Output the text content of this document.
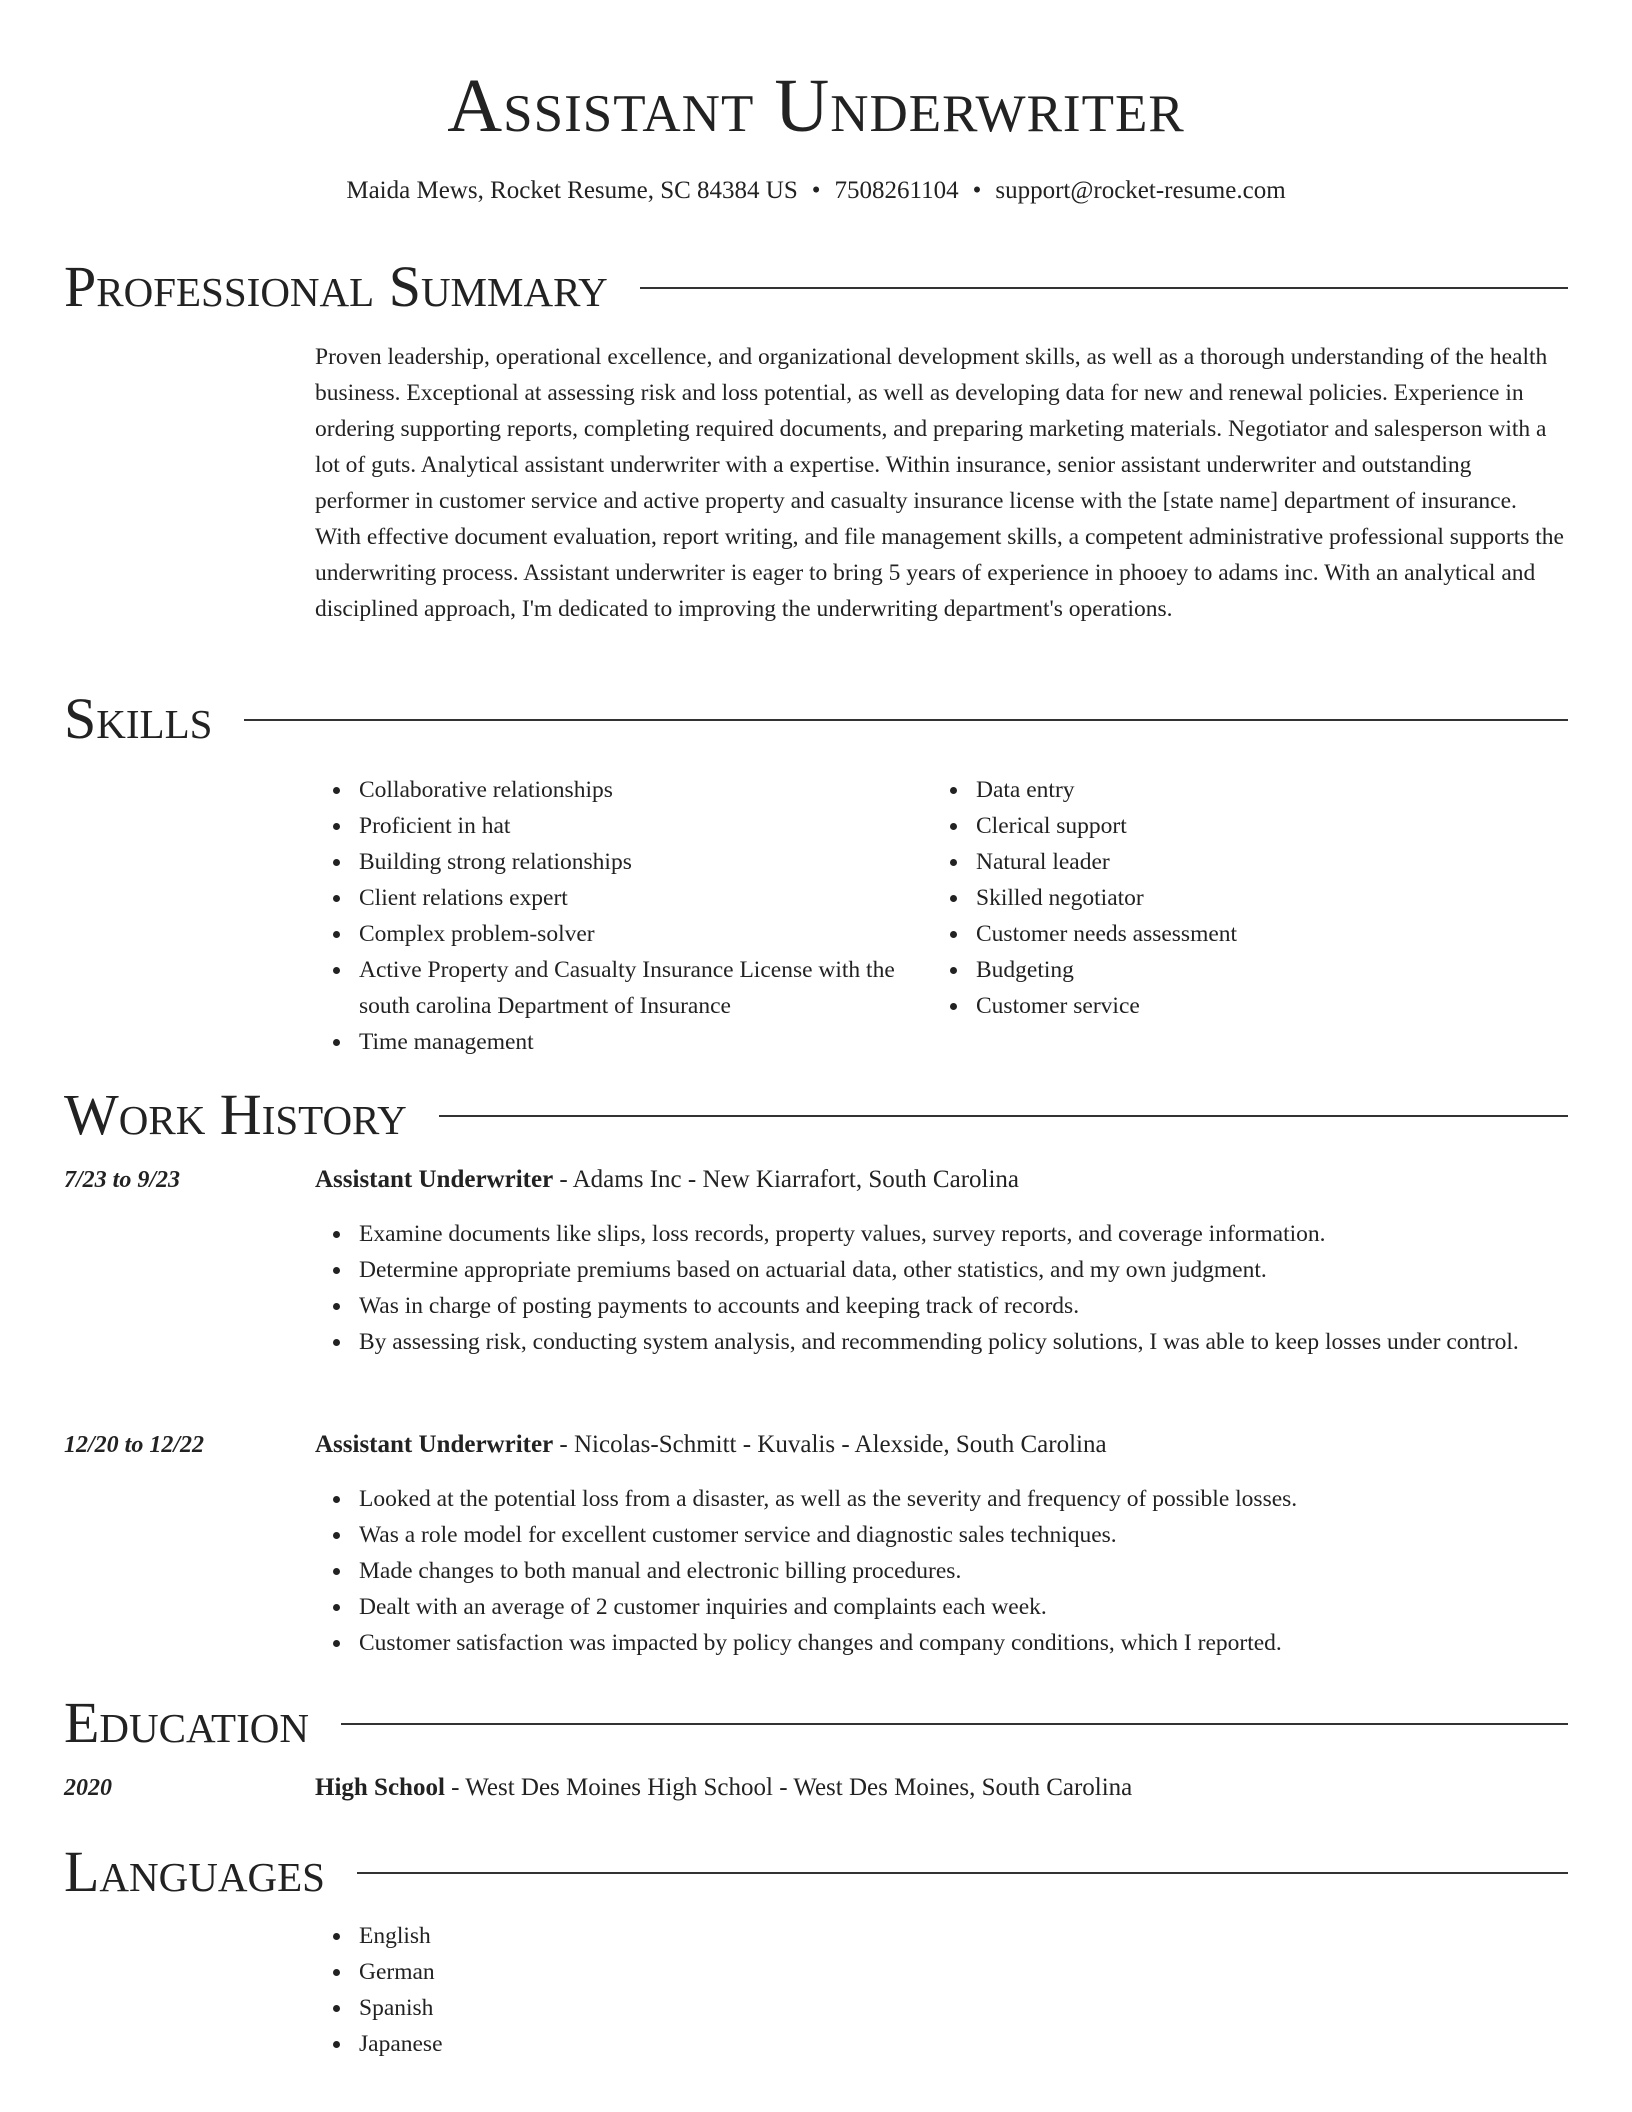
Assistant Underwriter
Maida Mews, Rocket Resume, SC 84384 US • 7508261104 • support@rocket-resume.com
Professional Summary

Proven leadership, operational excellence, and organizational development skills, as well as a thorough understanding of the health business. Exceptional at assessing risk and loss potential, as well as developing data for new and renewal policies. Experience in ordering supporting reports, completing required documents, and preparing marketing materials. Negotiator and salesperson with a lot of guts. Analytical assistant underwriter with a expertise. Within insurance, senior assistant underwriter and outstanding performer in customer service and active property and casualty insurance license with the [state name] department of insurance. With effective document evaluation, report writing, and file management skills, a competent administrative professional supports the underwriting process. Assistant underwriter is eager to bring 5 years of experience in phooey to adams inc. With an analytical and disciplined approach, I'm dedicated to improving the underwriting department's operations.

Skills
Collaborative relationships
Proficient in hat
Building strong relationships
Client relations expert
Complex problem-solver
Active Property and Casualty Insurance License with the south carolina Department of Insurance
Time management
Data entry
Clerical support
Natural leader
Skilled negotiator
Customer needs assessment
Budgeting
Customer service
Work History
7/23 to 9/23	Assistant Underwriter - Adams Inc - New Kiarrafort, South Carolina
Examine documents like slips, loss records, property values, survey reports, and coverage information.
Determine appropriate premiums based on actuarial data, other statistics, and my own judgment.
Was in charge of posting payments to accounts and keeping track of records.
By assessing risk, conducting system analysis, and recommending policy solutions, I was able to keep losses under control.
12/20 to 12/22	Assistant Underwriter - Nicolas-Schmitt - Kuvalis - Alexside, South Carolina
Looked at the potential loss from a disaster, as well as the severity and frequency of possible losses.
Was a role model for excellent customer service and diagnostic sales techniques.
Made changes to both manual and electronic billing procedures.
Dealt with an average of 2 customer inquiries and complaints each week.
Customer satisfaction was impacted by policy changes and company conditions, which I reported.
Education
2020	High School - West Des Moines High School - West Des Moines, South Carolina
Languages
English
German
Spanish
Japanese
